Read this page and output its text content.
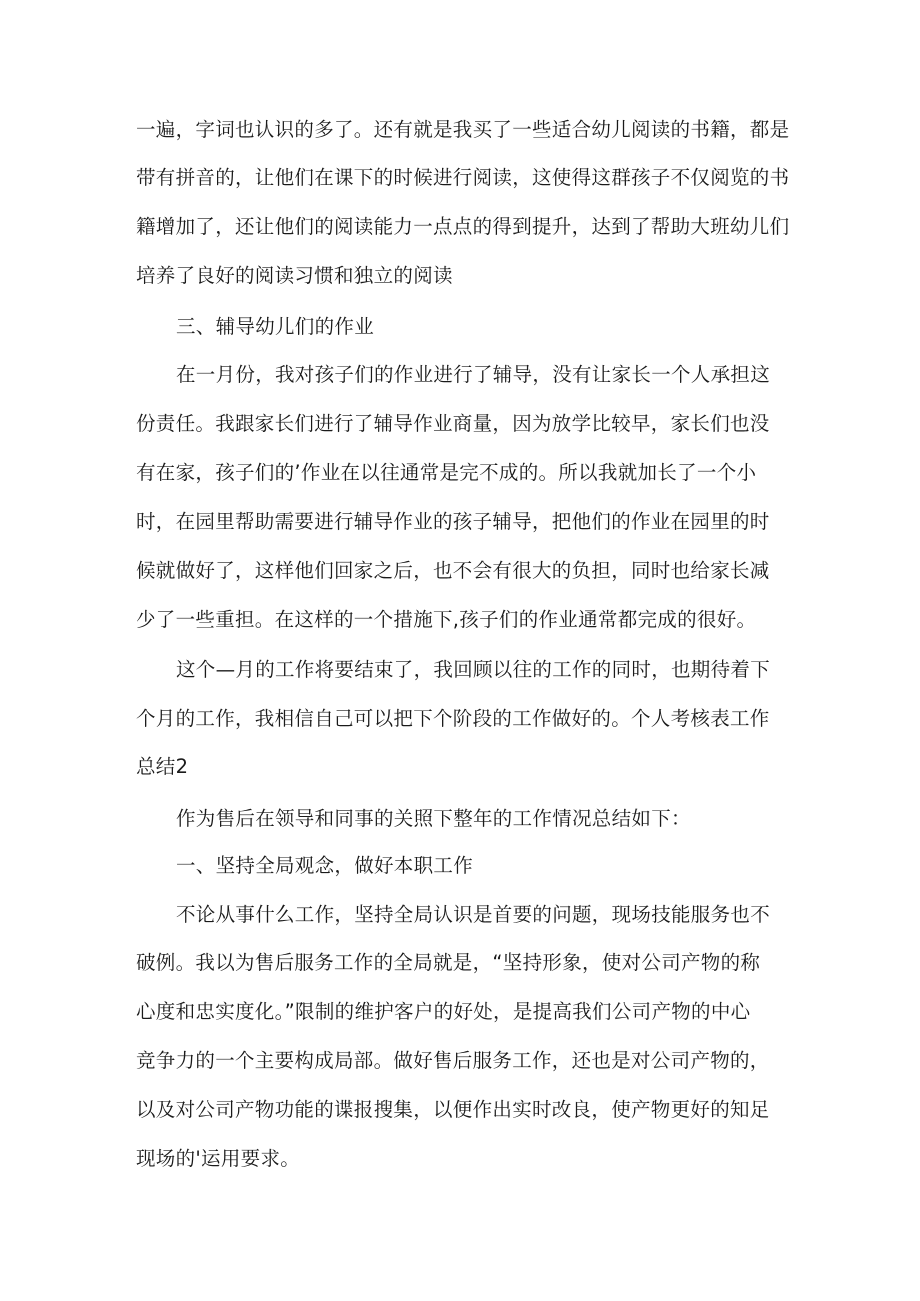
一遍，字词也认识的多了。还有就是我买了一些适合幼儿阅读的书籍，都是
带有拼音的，让他们在课下的时候进行阅读，这使得这群孩子不仅阅览的书
籍增加了，还让他们的阅读能力一点点的得到提升，达到了帮助大班幼儿们
培养了良好的阅读习惯和独立的阅读
三、辅导幼儿们的作业
在一月份，我对孩子们的作业进行了辅导，没有让家长一个人承担这
份责任。我跟家长们进行了辅导作业商量，因为放学比较早，家长们也没
有在家，孩子们的’作业在以往通常是完不成的。所以我就加长了一个小
时，在园里帮助需要进行辅导作业的孩子辅导，把他们的作业在园里的时
候就做好了，这样他们回家之后，也不会有很大的负担，同时也给家长减
少了一些重担。在这样的一个措施下,孩子们的作业通常都完成的很好。
这个—月的工作将要结束了，我回顾以往的工作的同时，也期待着下
个月的工作，我相信自己可以把下个阶段的工作做好的。个人考核表工作
总结2
作为售后在领导和同事的关照下整年的工作情况总结如下：
一、坚持全局观念，做好本职工作
不论从事什么工作，坚持全局认识是首要的问题，现场技能服务也不
破例。我以为售后服务工作的全局就是，“坚持形象，使对公司产物的称
心度和忠实度化。”限制的维护客户的好处，是提高我们公司产物的中心
竞争力的一个主要构成局部。做好售后服务工作，还也是对公司产物的，
以及对公司产物功能的谍报搜集，以便作出实时改良，使产物更好的知足
现场的'运用要求。
